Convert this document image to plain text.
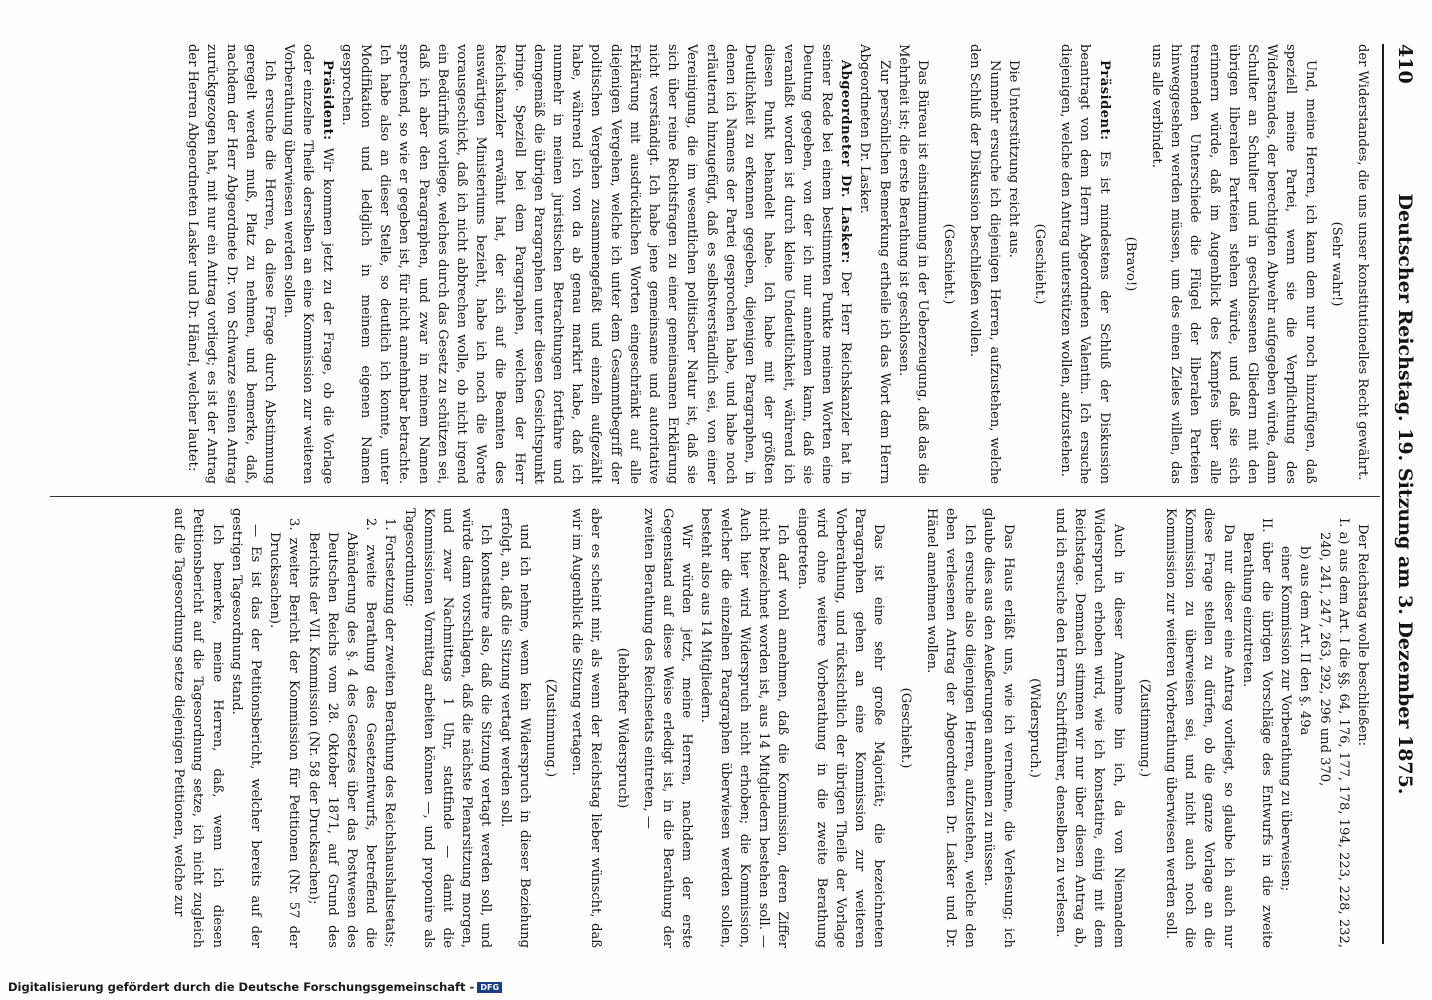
410
Deutscher Reichstag. 19. Sitzung am 3. Dezember 1875.

der Widerstandes, die uns unser konstitutionelles Recht gewährt.

(Sehr wahr!)

Und, meine Herren, ich kann dem nur noch hinzufügen, daß speziell meine Partei, wenn sie die Verpflichtung des Widerstandes, der berechtigten Abwehr aufgegeben würde, dann Schulter an Schulter und in geschlossenen Gliedern mit den übrigen liberalen Parteien stehen würde, und daß sie sich erinnern würde, daß im Augenblick des Kampfes über alle trennenden Unterschiede die Flügel der liberalen Parteien hinweggesehen werden müssen, um des einen Zieles willen, das uns alle verbindet.

(Bravo!)

Präsident: Es ist mindestens der Schluß der Diskussion beantragt von dem Herrn Abgeordneten Valentin. Ich ersuche diejenigen, welche den Antrag unterstützen wollen, aufzustehen.

(Geschieht.)

Die Unterstützung reicht aus.

Nunmehr ersuche ich diejenigen Herren, aufzustehen, welche den Schluß der Diskussion beschließen wollen.

(Geschieht.)

Das Büreau ist einstimmung in der Ueberzeugung, daß das die Mehrheit ist; die erste Berathung ist geschlossen.

Zur persönlichen Bemerkung ertheile ich das Wort dem Herrn Abgeordneten Dr. Lasker.

Abgeordneter Dr. Lasker: Der Herr Reichskanzler hat in seiner Rede bei einem bestimmten Punkte meinen Worten eine Deutung gegeben, von der ich nur annehmen kann, daß sie veranlaßt worden ist durch kleine Undeutlichkeit, während ich diesen Punkt behandelt habe. Ich habe mit der größten Deutlichkeit zu erkennen gegeben, diejenigen Paragraphen, in denen ich Namens der Partei gesprochen habe, und habe noch erläuternd hinzugefügt, daß es selbstverständlich sei, von einer Vereinigung, die im wesentlichen politischer Natur ist, daß sie sich über reine Rechtsfragen zu einer gemeinsamen Erklärung nicht verständigt. Ich habe jene gemeinsame und autoritative Erklärung mit ausdrücklichen Worten eingeschränkt auf alle diejenigen Vergehen, welche ich unter dem Gesammtbegriff der politischen Vergehen zusammengefaßt und einzeln aufgezählt habe, während ich von da ab genau markirt habe, daß ich nunmehr in meinen juristischen Betrachtungen fortfahre und demgemäß die übrigen Paragraphen unter diesen Gesichtspunkt bringe. Speziell bei dem Paragraphen, welchen der Herr Reichskanzler erwähnt hat, der sich auf die Beamten des auswärtigen Ministeriums bezieht, habe ich noch die Worte vorausgeschickt, daß ich nicht abbrechen wolle, ob nicht irgend ein Bedürfniß vorliege, welches durch das Gesetz zu schützen sei, daß ich aber den Paragraphen, und zwar in meinem Namen sprechend, so wie er gegeben ist, für nicht annehmbar betrachte. Ich habe also an dieser Stelle, so deutlich ich konnte, unter Modifikation und lediglich in meinem eigenen Namen gesprochen.

Präsident: Wir kommen jetzt zu der Frage, ob die Vorlage oder einzelne Theile derselben an eine Kommission zur weiteren Vorberathung überwiesen werden sollen.

Ich ersuche die Herren, da diese Frage durch Abstimmung geregelt werden muß, Platz zu nehmen, und bemerke, daß, nachdem der Herr Abgeordnete Dr. von Schwarze seinen Antrag zurückgezogen hat, mit nur ein Antrag vorliegt; es ist der Antrag der Herren Abgeordneten Lasker und Dr. Hänel, welcher lautet:

Der Reichstag wolle beschließen:

I. a) aus dem Art. I die §§. 64, 176, 177, 178, 194, 223, 228, 232, 240, 241, 247, 263, 292, 296 und 370,

b) aus dem Art. II den §. 49a

einer Kommission zur Vorberathung zu überweisen;

II. über die übrigen Vorschläge des Entwurfs in die zweite Berathung einzutreten.

Da nur dieser eine Antrag vorliegt, so glaube ich auch nur diese Frage stellen zu dürfen, ob die ganze Vorlage an die Kommission zu überweisen sei, und nicht auch noch die Kommission zur weiteren Vorberathung überwiesen werden soll.

(Zustimmung.)

Auch in dieser Annahme bin ich, da von Niemandem Widerspruch erhoben wird, wie ich konstatire, einig mit dem Reichstage. Demnach stimmen wir nur über diesen Antrag ab, und ich ersuche den Herrn Schriftführer, denselben zu verlesen.

(Widerspruch.)

Das Haus erläßt uns, wie ich vernehme, die Verlesung; ich glaube dies aus den Aeußerungen annehmen zu müssen.

Ich ersuche also diejenigen Herren, aufzustehen, welche den eben verlesenen Antrag der Abgeordneten Dr. Lasker und Dr. Hänel annehmen wollen.

(Geschieht.)

Das ist eine sehr große Majorität; die bezeichneten Paragraphen gehen an eine Kommission zur weiteren Vorberathung, und rücksichtlich der übrigen Theile der Vorlage wird ohne weitere Vorberathung in die zweite Berathung eingetreten.

Ich darf wohl annehmen, daß die Kommission, deren Ziffer nicht bezeichnet worden ist, aus 14 Mitgliedern bestehen soll. — Auch hier wird Widerspruch nicht erhoben; die Kommission, welcher die einzelnen Paragraphen überwiesen werden sollen, besteht also aus 14 Mitgliedern.

Wir würden jetzt, meine Herren, nachdem der erste Gegenstand auf diese Weise erledigt ist, in die Berathung der zweiten Berathung des Reichsetats eintreten, —

(lebhafter Widerspruch)

aber es scheint mir, als wenn der Reichstag lieber wünscht, daß wir im Augenblick die Sitzung vertagen.

(Zustimmung.)

und ich nehme, wenn kein Widerspruch in dieser Beziehung erfolgt, an, daß die Sitzung vertagt werden soll.

Ich konstatire also, daß die Sitzung vertagt werden soll, und würde dann vorschlagen, daß die nächste Plenarsitzung morgen, und zwar Nachmittags 1 Uhr, stattfinde — damit die Kommissionen Vormittag arbeiten können —, und proponire als Tagesordnung:

1. Fortsetzung der zweiten Berathung des Reichshaushaltsetats;

2. zweite Berathung des Gesetzentwurfs, betreffend die Abänderung des §. 4 des Gesetzes über das Postwesen des Deutschen Reichs vom 28. Oktober 1871, auf Grund des Berichts der VII. Kommission (Nr. 58 der Drucksachen);

3. zweiter Bericht der Kommission für Petitionen (Nr. 57 der Drucksachen).

— Es ist das der Petitionsbericht, welcher bereits auf der gestrigen Tagesordnung stand.

Ich bemerke, meine Herren, daß, wenn ich diesen Petitionsbericht auf die Tagesordnung setze, ich nicht zugleich auf die Tagesordnung setze diejenigen Petitionen, welche zur

Digitalisierung gefördert durch die Deutsche Forschungsgemeinschaft - DFG
